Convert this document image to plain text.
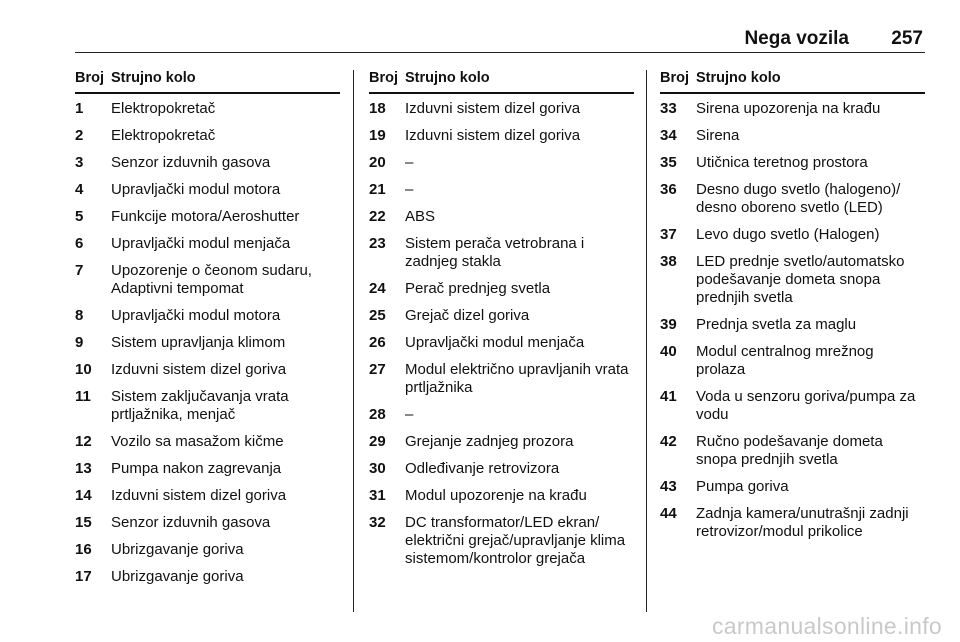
Nega vozila 257
Broj Strujno kolo
1	Elektropokretač
2	Elektropokretač
3	Senzor izduvnih gasova
4	Upravljački modul motora
5	Funkcije motora/Aeroshutter
6	Upravljački modul menjača
7	Upozorenje o čeonom sudaru, Adaptivni tempomat
8	Upravljački modul motora
9	Sistem upravljanja klimom
10	Izduvni sistem dizel goriva
11	Sistem zaključavanja vrata prtljažnika, menjač
12	Vozilo sa masažom kičme
13	Pumpa nakon zagrevanja
14	Izduvni sistem dizel goriva
15	Senzor izduvnih gasova
16	Ubrizgavanje goriva
17	Ubrizgavanje goriva
Broj Strujno kolo
18	Izduvni sistem dizel goriva
19	Izduvni sistem dizel goriva
20	–
21	–
22	ABS
23	Sistem perača vetrobrana i zadnjeg stakla
24	Perač prednjeg svetla
25	Grejač dizel goriva
26	Upravljački modul menjača
27	Modul električno upravljanih vrata prtljažnika
28	–
29	Grejanje zadnjeg prozora
30	Odleđivanje retrovizora
31	Modul upozorenje na krađu
32	DC transformator/LED ekran/ električni grejač/upravljanje klima sistemom/kontrolor grejača
Broj Strujno kolo
33	Sirena upozorenja na krađu
34	Sirena
35	Utičnica teretnog prostora
36	Desno dugo svetlo (halogeno)/ desno oboreno svetlo (LED)
37	Levo dugo svetlo (Halogen)
38	LED prednje svetlo/automatsko podešavanje dometa snopa prednjih svetla
39	Prednja svetla za maglu
40	Modul centralnog mrežnog prolaza
41	Voda u senzoru goriva/pumpa za vodu
42	Ručno podešavanje dometa snopa prednjih svetla
43	Pumpa goriva
44	Zadnja kamera/unutrašnji zadnji retrovizor/modul prikolice
carmanualsonline.info
